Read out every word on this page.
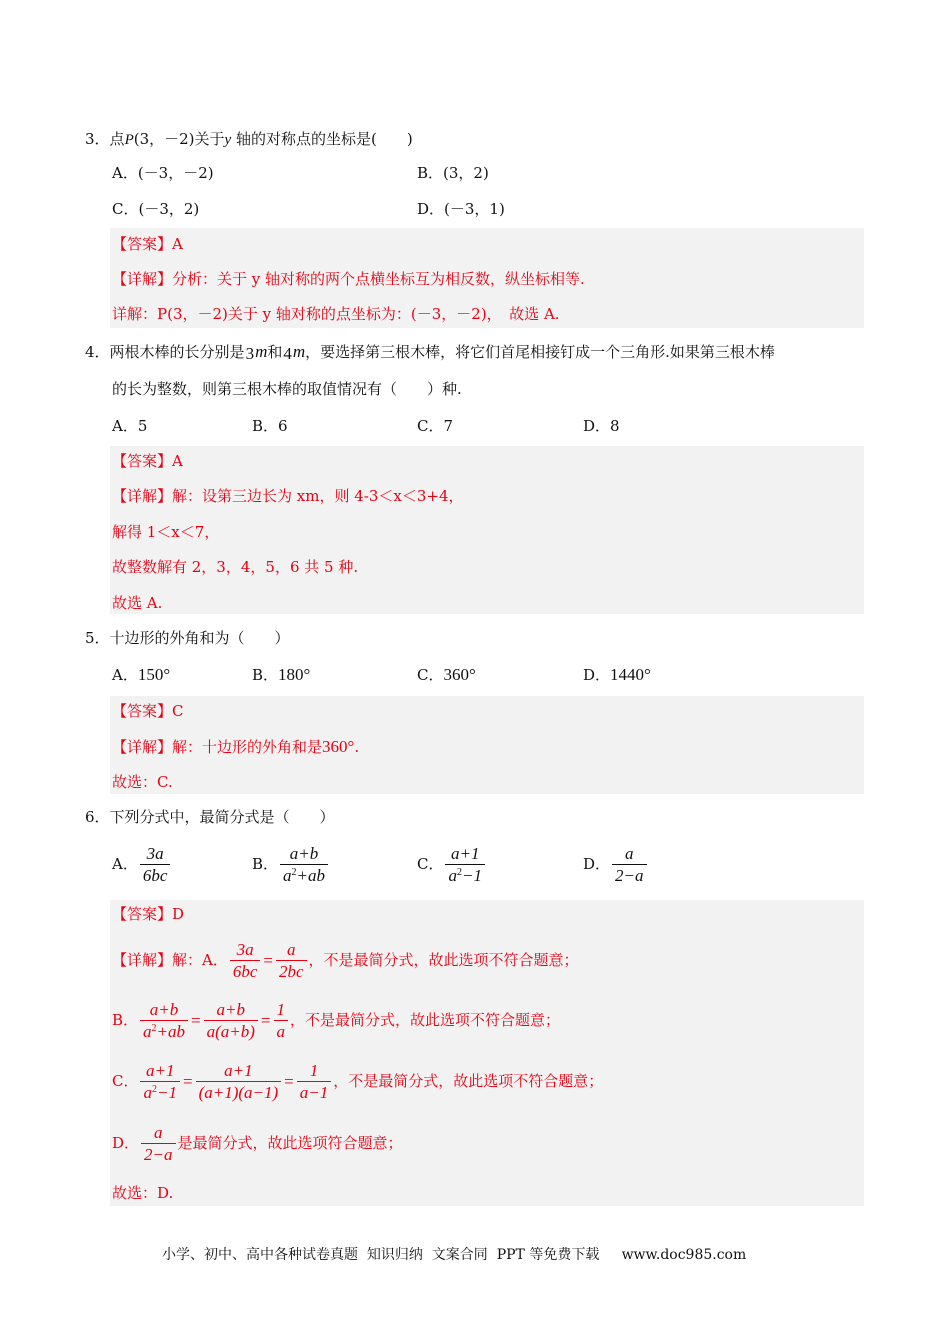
3．点P(3，－2)关于y 轴的对称点的坐标是(　　)
A．(－3，－2)	B．(3，2)
C．(－3，2)	D．(－3，1)
【答案】A
【详解】分析：关于 y 轴对称的两个点横坐标互为相反数，纵坐标相等.
详解：P(3，－2)关于 y 轴对称的点坐标为：(－3，－2)，　故选 A.
4．两根木棒的长分别是3m和4m，要选择第三根木棒，将它们首尾相接钉成一个三角形.如果第三根木棒
的长为整数，则第三根木棒的取值情况有（　　）种.
A．5	B．6	C．7	D．8
【答案】A
【详解】解：设第三边长为 xm，则 4-3＜x＜3+4，
解得 1＜x＜7，
故整数解有 2，3，4，5，6 共 5 种.
故选 A.
5．十边形的外角和为（　　）
A．150°	B．180°	C．360°	D．1440°
【答案】C
【详解】解：十边形的外角和是360°.
故选：C.
6．下列分式中，最简分式是（　　）
A． $\frac{3a}{6bc}$	B． $\frac{a+b}{a^2+ab}$	C． $\frac{a+1}{a^2-1}$	D． $\frac{a}{2-a}$
【答案】D
【详解】解：A． $\frac{3a}{6bc} = \frac{a}{2bc}$ ，不是最简分式，故此选项不符合题意；
B． $\frac{a+b}{a^2+ab} = \frac{a+b}{a(a+b)} = \frac{1}{a}$ ，不是最简分式，故此选项不符合题意；
C． $\frac{a+1}{a^2-1} = \frac{a+1}{(a+1)(a-1)} = \frac{1}{a-1}$ ，不是最简分式，故此选项不符合题意；
D． $\frac{a}{2-a}$ 是最简分式，故此选项符合题意；
故选：D.
小学、初中、高中各种试卷真题  知识归纳  文案合同  PPT 等免费下载     www.doc985.com
